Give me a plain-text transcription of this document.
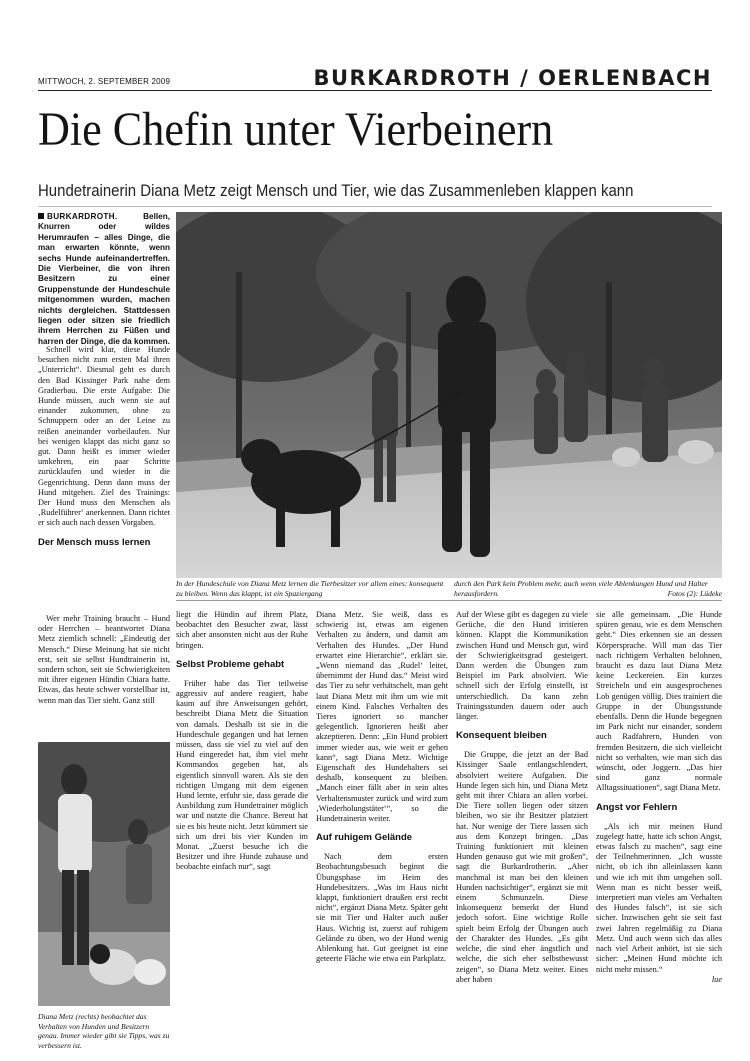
MITTWOCH, 2. SEPTEMBER 2009	BURKARDROTH / OERLENBACH
Die Chefin unter Vierbeinern
Hundetrainerin Diana Metz zeigt Mensch und Tier, wie das Zusammenleben klappen kann
BURKARDROTH.	Bellen, Knurren oder wildes Herumraufen – alles Dinge, die man erwarten könnte, wenn sechs Hunde aufeinandertreffen. Die Vierbeiner, die von ihren Besitzern zu einer Gruppenstunde der Hundeschule mitgenommen wurden, machen nichts dergleichen. Stattdessen liegen oder sitzen sie friedlich ihrem Herrchen zu Füßen und harren der Dinge, die da kommen.

Schnell wird klar, diese Hunde besuchen nicht zum ersten Mal ihren „Unterricht“. Diesmal geht es durch den Bad Kissinger Park nahe dem Gradierbau. Die erste Aufgabe: Die Hunde müssen, auch wenn sie auf einander zukommen, ohne zu Schnuppern oder an der Leine zu reißen aneinander vorbeilaufen. Nur bei wenigen klappt das nicht ganz so gut. Dann heißt es immer wieder umkehren, ein paar Schritte zurücklaufen und wieder in die Gegenrichtung. Denn dann muss der Hund mitgehen. Ziel des Trainings: Der Hund muss den Menschen als ‚Rudelführer‘ anerkennen. Dann richtet er sich auch nach dessen Vorgaben.

Der Mensch muss lernen
In der Hundeschule von Diana Metz lernen die Tierbesitzer vor allem eines: konsequent zu bleiben. Wenn das klappt, ist ein Spaziergangdurch den Park kein Problem mehr, auch wenn viele Ablenkungen Hund und Halter herausfordern.	Fotos (2): Lüdeke

Wer mehr Training braucht – Hund oder Herrchen – beantwortet Diana Metz ziemlich schnell: „Eindeutig der Mensch.“ Diese Meinung hat sie nicht erst, seit sie selbst Hundtrainerin ist, sondern schon, seit sie Schwierigkeiten mit ihrer eigenen Hündin Chiara hatte. Etwas, das heute schwer vorstellbar ist, wenn man das Tier sieht. Ganz still

liegt die Hündin auf ihrem Platz, beobachtet den Besucher zwar, lässt sich aber ansonsten nicht aus der Ruhe bringen.

Selbst Probleme gehabt

Früher habe das Tier teilweise aggressiv auf andere reagiert, habe kaum auf ihre Anweisungen gehört, beschreibt Diana Metz die Situation von damals. Deshalb ist sie in die Hundeschule gegangen und hat lernen müssen, dass sie viel zu viel auf den Hund eingeredet hat, ihm viel mehr Kommandos gegeben hat, als eigentlich sinnvoll waren. Als sie den richtigen Umgang mit dem eigenen Hund lernte, erfuhr sie, dass gerade die Ausbildung zum Hundetrainer möglich war und nutzte die Chance. Bereut hat sie es bis heute nicht. Jetzt kümmert sie sich um drei bis vier Kunden im Monat. „Zuerst besuche ich die Besitzer und ihre Hunde zuhause und beobachte einfach nur“, sagt

Diana Metz. Sie weiß, dass es schwierig ist, etwas am eigenen Verhalten zu ändern, und damit am Verhalten des Hundes. „Der Hund erwartet eine Hierarchie“, erklärt sie. „Wenn niemand das ‚Rudel‘ leitet, übernimmt der Hund das.“ Meist wird das Tier zu sehr verhätschelt, man geht laut Diana Metz mit ihm um wie mit einem Kind. Falsches Verhalten des Tieres ignoriert so mancher gelegentlich. Ignorieren heißt aber akzeptieren. Denn: „Ein Hund probiert immer wieder aus, wie weit er gehen kann“, sagt Diana Metz. Wichtige Eigenschaft des Hundehalters sei deshalb, konsequent zu bleiben. „Manch einer fällt aber in sein altes Verhaltensmuster zurück und wird zum ‚Wiederholungstäter‘“, so die Hundetrainerin weiter.

Auf ruhigem Gelände

Nach dem ersten Beobachtungsbesuch beginnt die Übungsphase im Heim des Hundebesitzers. „Was im Haus nicht klappt, funktioniert draußen erst recht nicht“, ergänzt Diana Metz. Später geht sie mit Tier und Halter auch außer Haus. Wichtig ist, zuerst auf ruhigem Gelände zu üben, wo der Hund wenig Ablenkung hat. Gut geeignet ist eine geteerte Fläche wie etwa ein Parkplatz.

Auf der Wiese gibt es dagegen zu viele Gerüche, die den Hund irritieren können. Klappt die Kommunikation zwischen Hund und Mensch gut, wird der Schwierigkeitsgrad gesteigert. Dann werden die Übungen zum Beispiel im Park absolviert. Wie schnell sich der Erfolg einstellt, ist unterschiedlich. Da kann zehn Trainingsstunden dauern oder auch länger.

Konsequent bleiben

Die Gruppe, die jetzt an der Bad Kissinger Saale entlangschlendert, absolviert weitere Aufgaben. Die Hunde legen sich hin, und Diana Metz geht mit ihrer Chiara an allen vorbei. Die Tiere sollen liegen oder sitzen bleiben, wo sie ihr Besitzer platziert hat. Nur wenige der Tiere lassen sich aus dem Konzept bringen. „Das Training funktioniert mit kleinen Hunden genauso gut wie mit großen“, sagt die Burkardrotherin. „Aber manchmal ist man bei den kleinen Hunden nachsichtiger“, ergänzt sie mit einem Schmunzeln. Diese Inkonsequenz bemerkt der Hund jedoch sofort. Eine wichtige Rolle spielt beim Erfolg der Übungen auch der Charakter des Hundes. „Es gibt welche, die sind eher ängstlich und welche, die sich eher selbstbewusst zeigen“, so Diana Metz weiter. Eines aber haben

sie alle gemeinsam. „Die Hunde spüren genau, wie es dem Menschen geht.“ Dies erkennen sie an dessen Körpersprache. Will man das Tier nach richtigem Verhalten belohnen, braucht es dazu laut Diana Metz keine Leckereien. Ein kurzes Streicheln und ein ausgesprochenes Lob genügen völlig. Dies trainiert die Gruppe in der Übungsstunde ebenfalls. Denn die Hunde begegnen im Park nicht nur einander, sondern auch Radfahrern, Hunden von fremden Besitzern, die sich vielleicht nicht so verhalten, wie man sich das wünscht, oder Joggern. „Das hier sind ganz normale Alltagssituationen“, sagt Diana Metz.

Angst vor Fehlern

„Als ich mir meinen Hund zugelegt hatte, hatte ich schon Angst, etwas falsch zu machen“, sagt eine der Teilnehmerinnen. „Ich wusste nicht, ob ich ihn alleinlassen kann und wie ich mit ihm umgehen soll. Wenn man es nicht besser weiß, interpretiert man vieles am Verhalten des Hundes falsch“, ist sie sich sicher. Inzwischen geht sie seit fast zwei Jahren regelmäßig zu Diana Metz. Und auch wenn sich das alles nach viel Arbeit anhört, ist sie sich sicher: „Meinen Hund möchte ich nicht mehr missen.“

lue
Diana Metz (rechts) beobachtet das Verhalten von Hunden und Besitzern genau. Immer wieder gibt sie Tipps, was zu verbessern ist.
